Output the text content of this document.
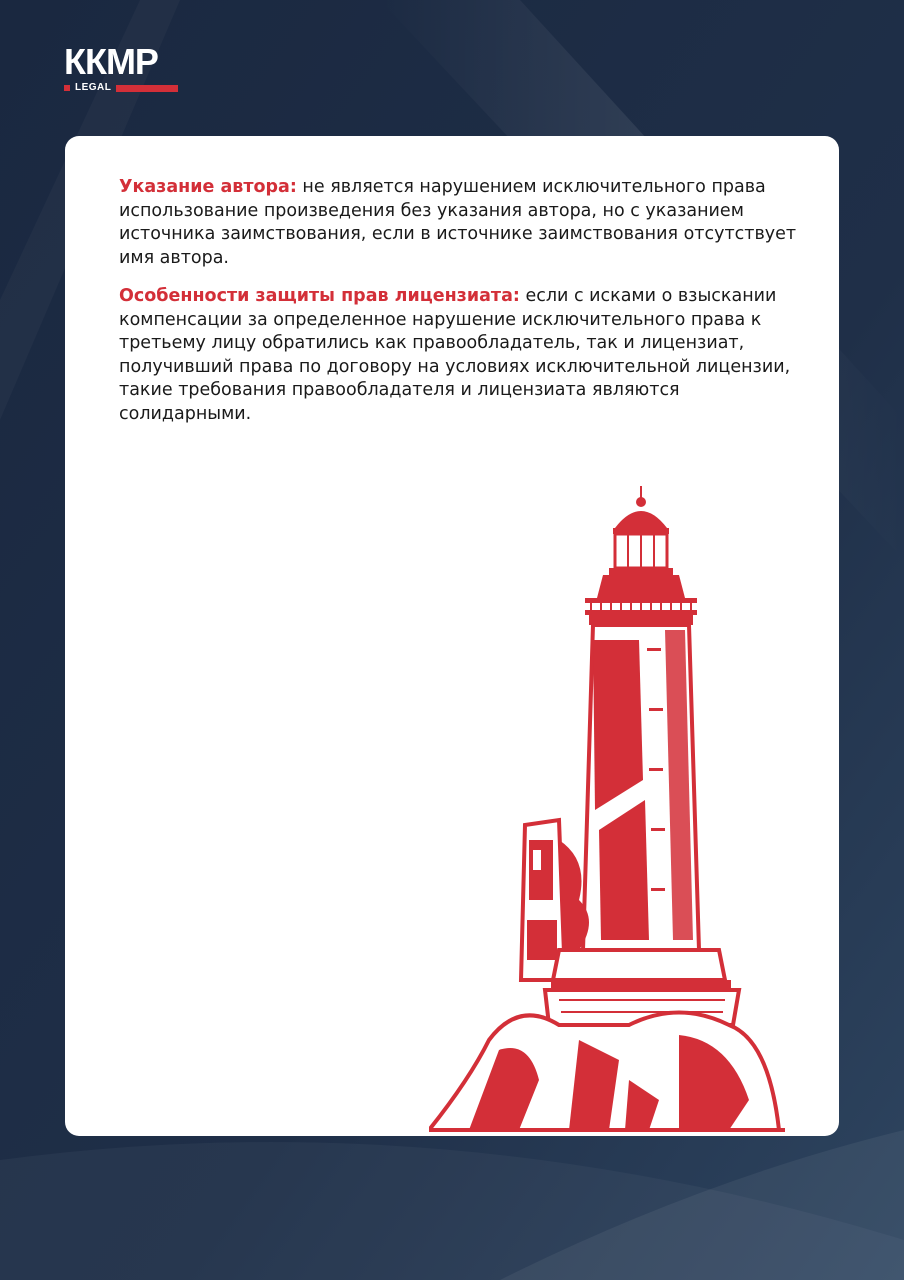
ККМР
LEGAL

Указание автора: не является нарушением исключительного права использование произведения без указания автора, но с указанием источника заимствования, если в источнике заимствования отсутствует имя автора.

Особенности защиты прав лицензиата: если с исками о взыскании компенсации за определенное нарушение исключительного права к третьему лицу обратились как правообладатель, так и лицензиат, получивший права по договору на условиях исключительной лицензии, такие требования правообладателя и лицензиата являются солидарными.
